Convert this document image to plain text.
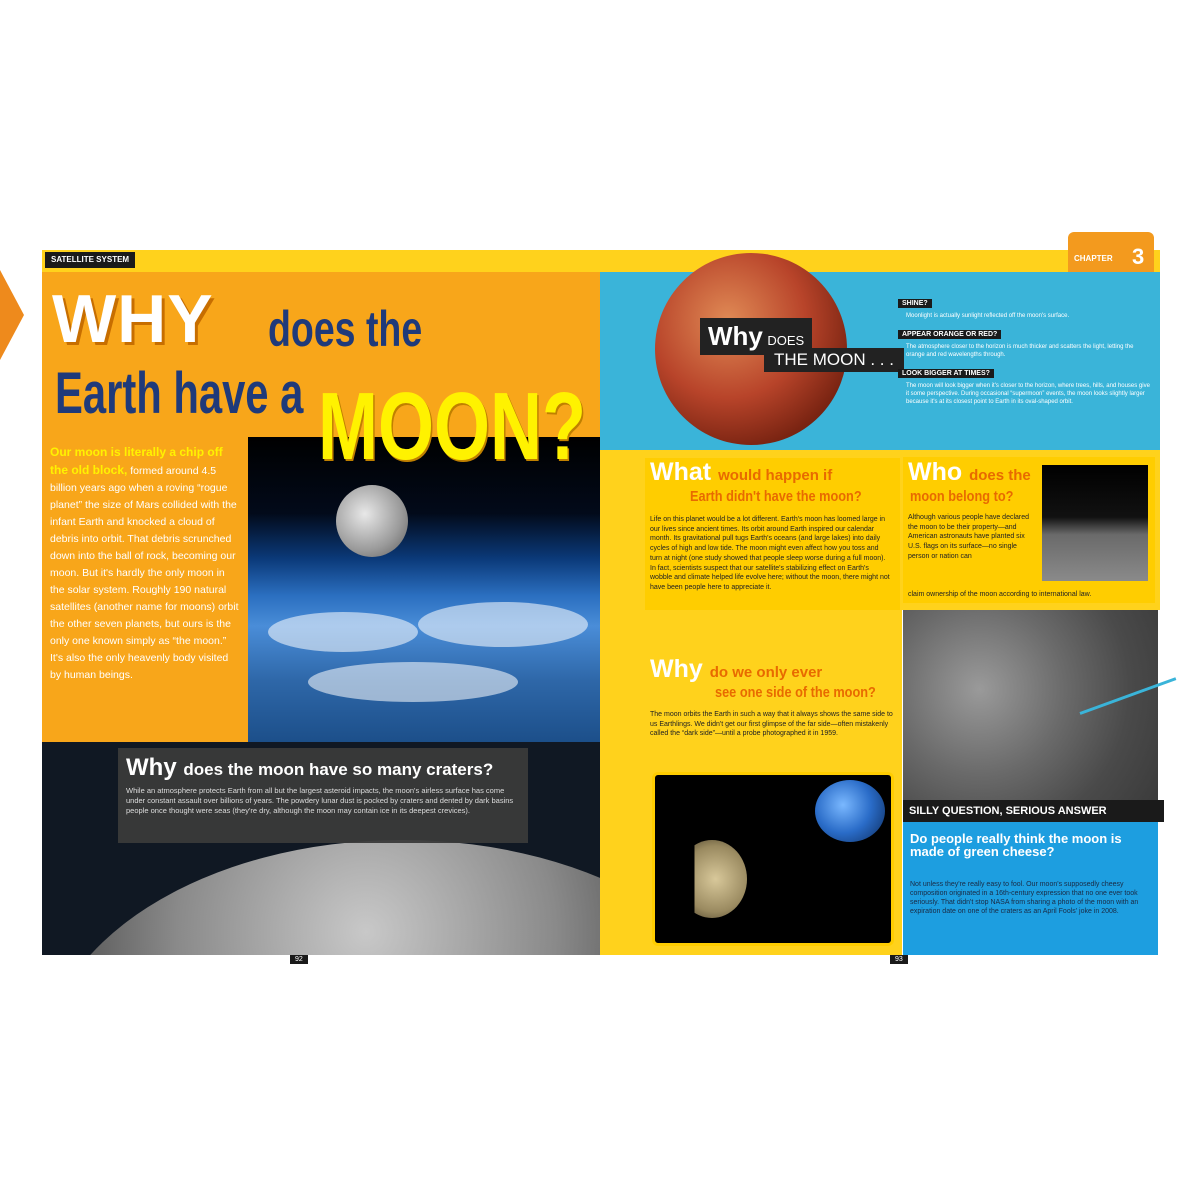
SATELLITE SYSTEM	CHAPTER 3
WHY does the
Earth have a MOON?
Our moon is literally a chip off the old block, formed around 4.5 billion years ago when a roving “rogue planet” the size of Mars collided with the infant Earth and knocked a cloud of debris into orbit. That debris scrunched down into the ball of rock, becoming our moon. But it's hardly the only moon in the solar system. Roughly 190 natural satellites (another name for moons) orbit the other seven planets, but ours is the only one known simply as “the moon.” It's also the only heavenly body visited by human beings.
Why does the moon have so many craters?
While an atmosphere protects Earth from all but the largest asteroid impacts, the moon's airless surface has come under constant assault over billions of years. The powdery lunar dust is pocked by craters and dented by dark basins people once thought were seas (they're dry, although the moon may contain ice in its deepest crevices).
92
Why DOES
THE MOON . . .
SHINE?
Moonlight is actually sunlight reflected off the moon's surface.
APPEAR ORANGE OR RED?
The atmosphere closer to the horizon is much thicker and scatters the light, letting the orange and red wavelengths through.
LOOK BIGGER AT TIMES?
The moon will look bigger when it's closer to the horizon, where trees, hills, and houses give it some perspective. During occasional “supermoon” events, the moon looks slightly larger because it's at its closest point to Earth in its oval-shaped orbit.
What would happen if
Earth didn't have the moon?
Life on this planet would be a lot different. Earth's moon has loomed large in our lives since ancient times. Its orbit around Earth inspired our calendar month. Its gravitational pull tugs Earth's oceans (and large lakes) into daily cycles of high and low tide. The moon might even affect how you toss and turn at night (one study showed that people sleep worse during a full moon). In fact, scientists suspect that our satellite's stabilizing effect on Earth's wobble and climate helped life evolve here; without the moon, there might not have been people here to appreciate it.
Who does the
moon belong to?
Although various people have declared the moon to be their property—and American astronauts have planted six U.S. flags on its surface—no single person or nation can
claim ownership of the moon according to international law.
Why do we only ever
see one side of the moon?
The moon orbits the Earth in such a way that it always shows the same side to us Earthlings. We didn't get our first glimpse of the far side—often mistakenly called the “dark side”—until a probe photographed it in 1959.
SILLY QUESTION, SERIOUS ANSWER
Do people really think the moon is made of green cheese?
Not unless they're really easy to fool. Our moon's supposedly cheesy composition originated in a 16th-century expression that no one ever took seriously. That didn't stop NASA from sharing a photo of the moon with an expiration date on one of the craters as an April Fools' joke in 2008.
93
